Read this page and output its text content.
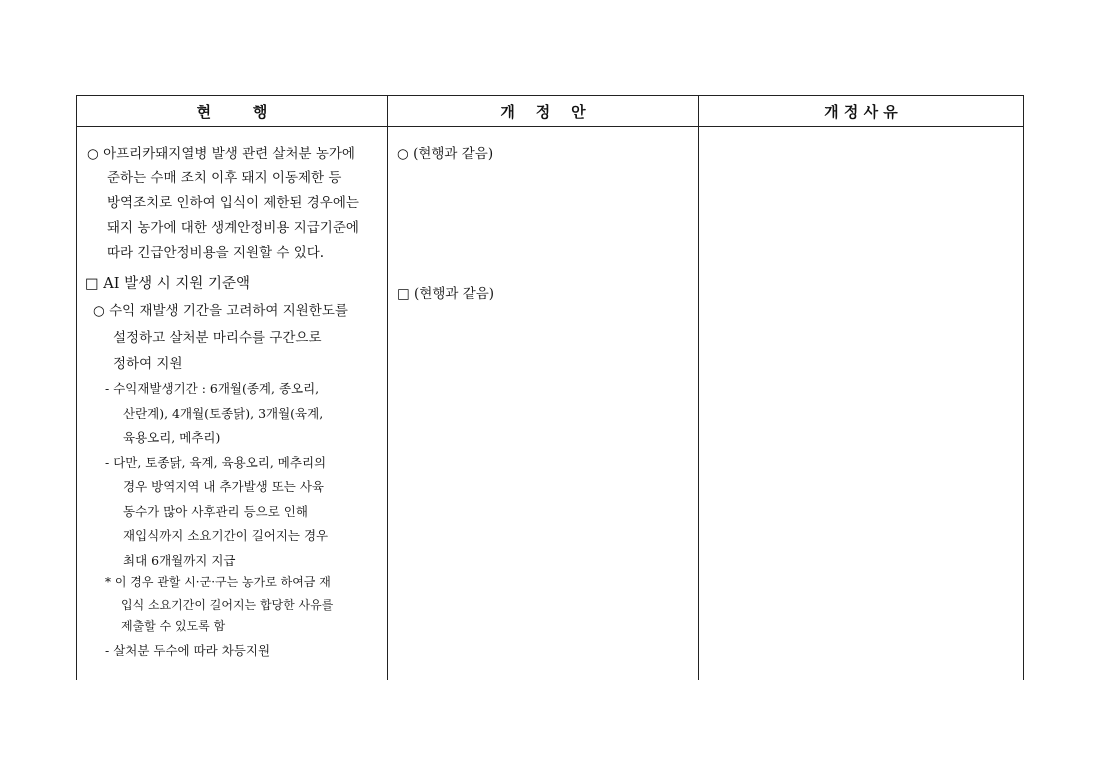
현        행	개    정    안	개 정 사 유
○ 아프리카돼지열병 발생 관련 살처분 농가에
준하는 수매 조치 이후 돼지 이동제한 등
방역조치로 인하여 입식이 제한된 경우에는
돼지 농가에 대한 생계안정비용 지급기준에
따라 긴급안정비용을 지원할 수 있다.
□ AI 발생 시 지원 기준액
○ 수익 재발생 기간을 고려하여 지원한도를
설정하고 살처분 마리수를 구간으로
정하여 지원
- 수익재발생기간 : 6개월(종계, 종오리,
산란계), 4개월(토종닭), 3개월(육계,
육용오리, 메추리)
- 다만, 토종닭, 육계, 육용오리, 메추리의
경우 방역지역 내 추가발생 또는 사육
동수가 많아 사후관리 등으로 인해
재입식까지 소요기간이 길어지는 경우
최대 6개월까지 지급
* 이 경우 관할 시·군·구는 농가로 하여금 재
입식 소요기간이 길어지는 합당한 사유를
제출할 수 있도록 함
- 살처분 두수에 따라 차등지원
○ (현행과 같음)
□ (현행과 같음)
